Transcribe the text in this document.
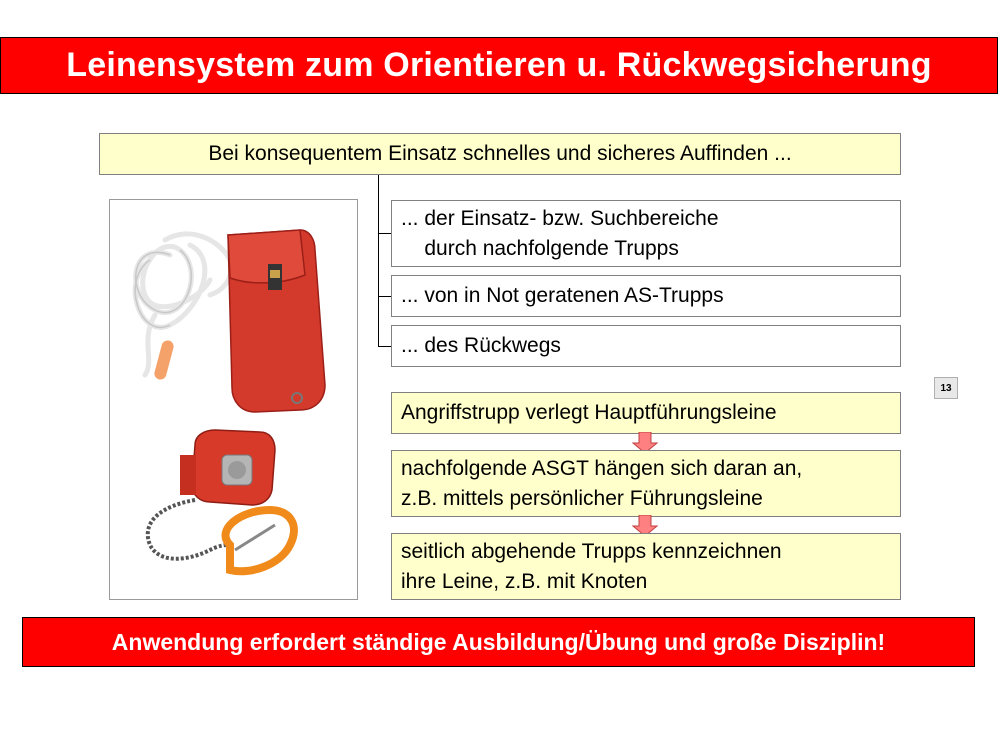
Leinensystem zum Orientieren u. Rückwegsicherung
Bei konsequentem Einsatz schnelles und sicheres Auffinden ...
... der Einsatz- bzw. Suchbereiche
durch nachfolgende Trupps
... von in Not geratenen AS-Trupps
... des Rückwegs
13
Angriffstrupp verlegt Hauptführungsleine
nachfolgende ASGT hängen sich daran an,
z.B. mittels persönlicher Führungsleine
seitlich abgehende Trupps kennzeichnen
ihre Leine, z.B. mit Knoten
Anwendung erfordert ständige Ausbildung/Übung und große Disziplin!
